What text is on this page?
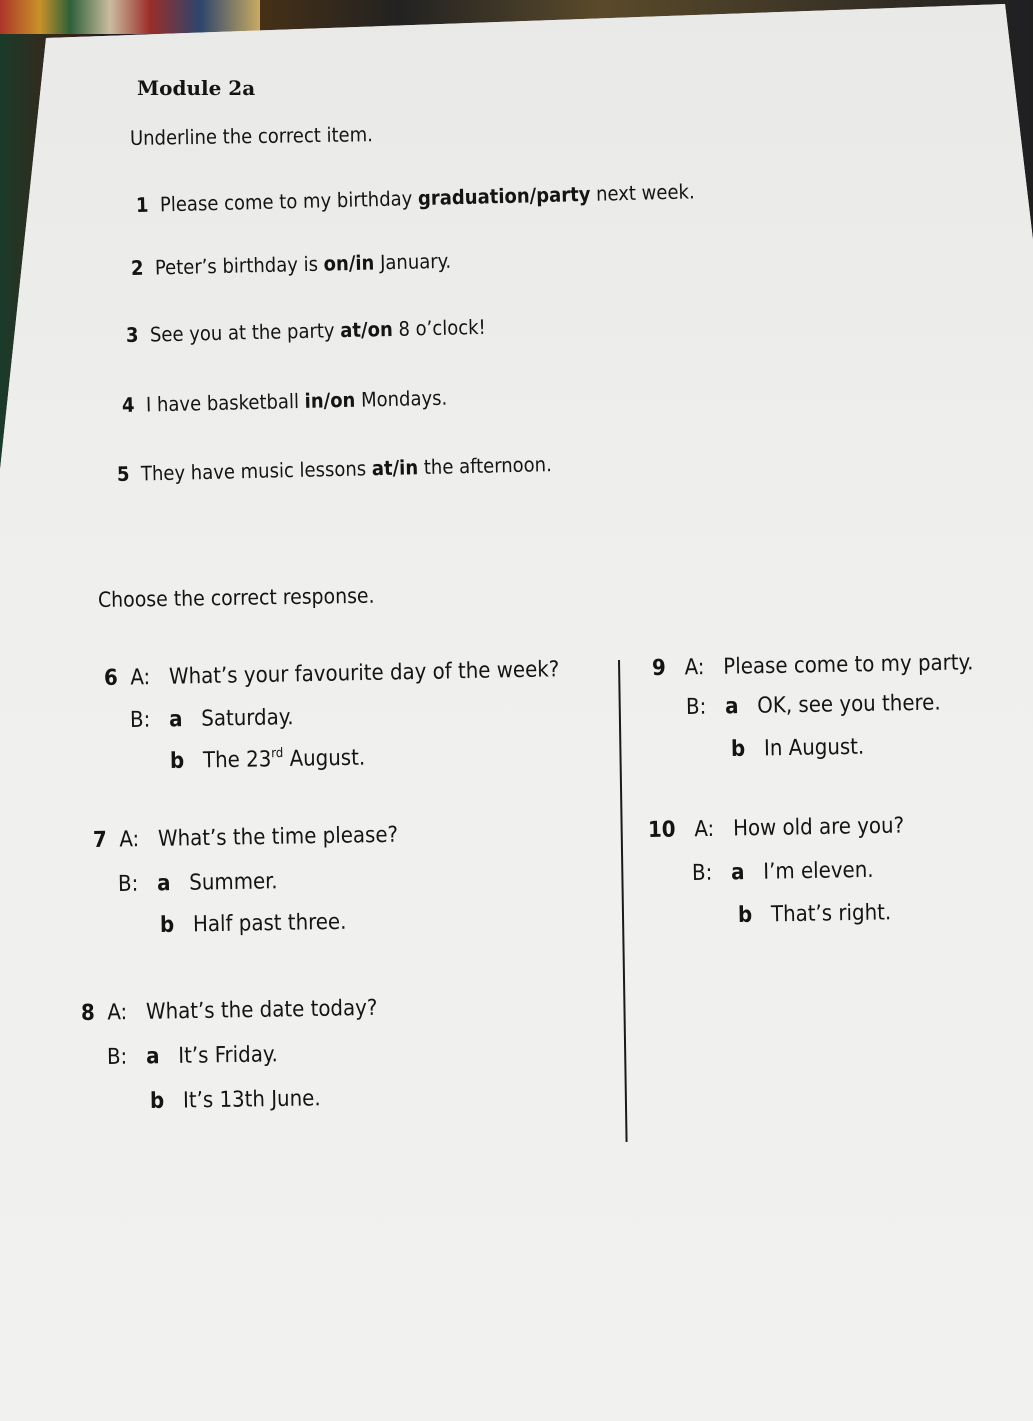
Module 2a
Underline the correct item.
1 Please come to my birthday graduation/party next week.
2 Peter’s birthday is on/in January.
3 See you at the party at/on 8 o’clock!
4 I have basketball in/on Mondays.
5 They have music lessons at/in the afternoon.
Choose the correct response.
6 A: What’s your favourite day of the week?
B: a Saturday.
b The 23rd August.
7 A: What’s the time please?
B: a Summer.
b Half past three.
8 A: What’s the date today?
B: a It’s Friday.
b It’s 13th June.
9 A: Please come to my party.
B: a OK, see you there.
b In August.
10 A: How old are you?
B: a I’m eleven.
b That’s right.
